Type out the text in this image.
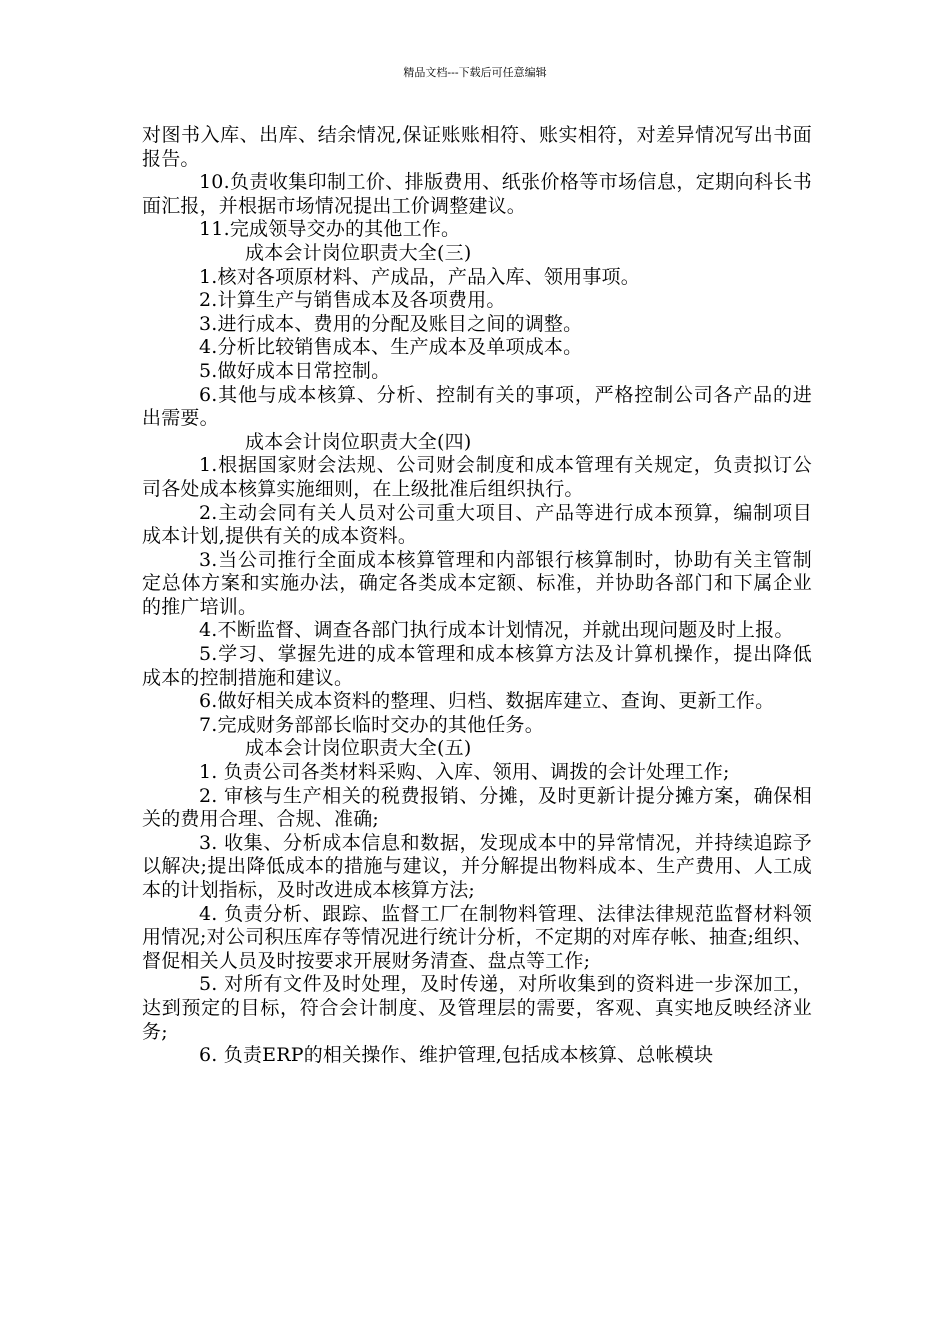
精品文档---下载后可任意编辑

对图书入库、出库、结余情况,保证账账相符、账实相符，对差异情况写出书面报告。

10.负责收集印制工价、排版费用、纸张价格等市场信息，定期向科长书面汇报，并根据市场情况提出工价调整建议。

11.完成领导交办的其他工作。

成本会计岗位职责大全(三)

1.核对各项原材料、产成品，产品入库、领用事项。

2.计算生产与销售成本及各项费用。

3.进行成本、费用的分配及账目之间的调整。

4.分析比较销售成本、生产成本及单项成本。

5.做好成本日常控制。

6.其他与成本核算、分析、控制有关的事项，严格控制公司各产品的进出需要。

成本会计岗位职责大全(四)

1.根据国家财会法规、公司财会制度和成本管理有关规定，负责拟订公司各处成本核算实施细则，在上级批准后组织执行。

2.主动会同有关人员对公司重大项目、产品等进行成本预算，编制项目成本计划,提供有关的成本资料。

3.当公司推行全面成本核算管理和内部银行核算制时，协助有关主管制定总体方案和实施办法，确定各类成本定额、标准，并协助各部门和下属企业的推广培训。

4.不断监督、调查各部门执行成本计划情况，并就出现问题及时上报。

5.学习、掌握先进的成本管理和成本核算方法及计算机操作，提出降低成本的控制措施和建议。

6.做好相关成本资料的整理、归档、数据库建立、查询、更新工作。

7.完成财务部部长临时交办的其他任务。

成本会计岗位职责大全(五)

1. 负责公司各类材料采购、入库、领用、调拨的会计处理工作;

2. 审核与生产相关的税费报销、分摊，及时更新计提分摊方案，确保相关的费用合理、合规、准确;

3. 收集、分析成本信息和数据，发现成本中的异常情况，并持续追踪予以解决;提出降低成本的措施与建议，并分解提出物料成本、生产费用、人工成本的计划指标，及时改进成本核算方法;

4. 负责分析、跟踪、监督工厂在制物料管理、法律法律规范监督材料领用情况;对公司积压库存等情况进行统计分析，不定期的对库存帐、抽查;组织、督促相关人员及时按要求开展财务清查、盘点等工作;

5. 对所有文件及时处理，及时传递，对所收集到的资料进一步深加工，达到预定的目标，符合会计制度、及管理层的需要，客观、真实地反映经济业务;

6. 负责ERP的相关操作、维护管理,包括成本核算、总帐模块
